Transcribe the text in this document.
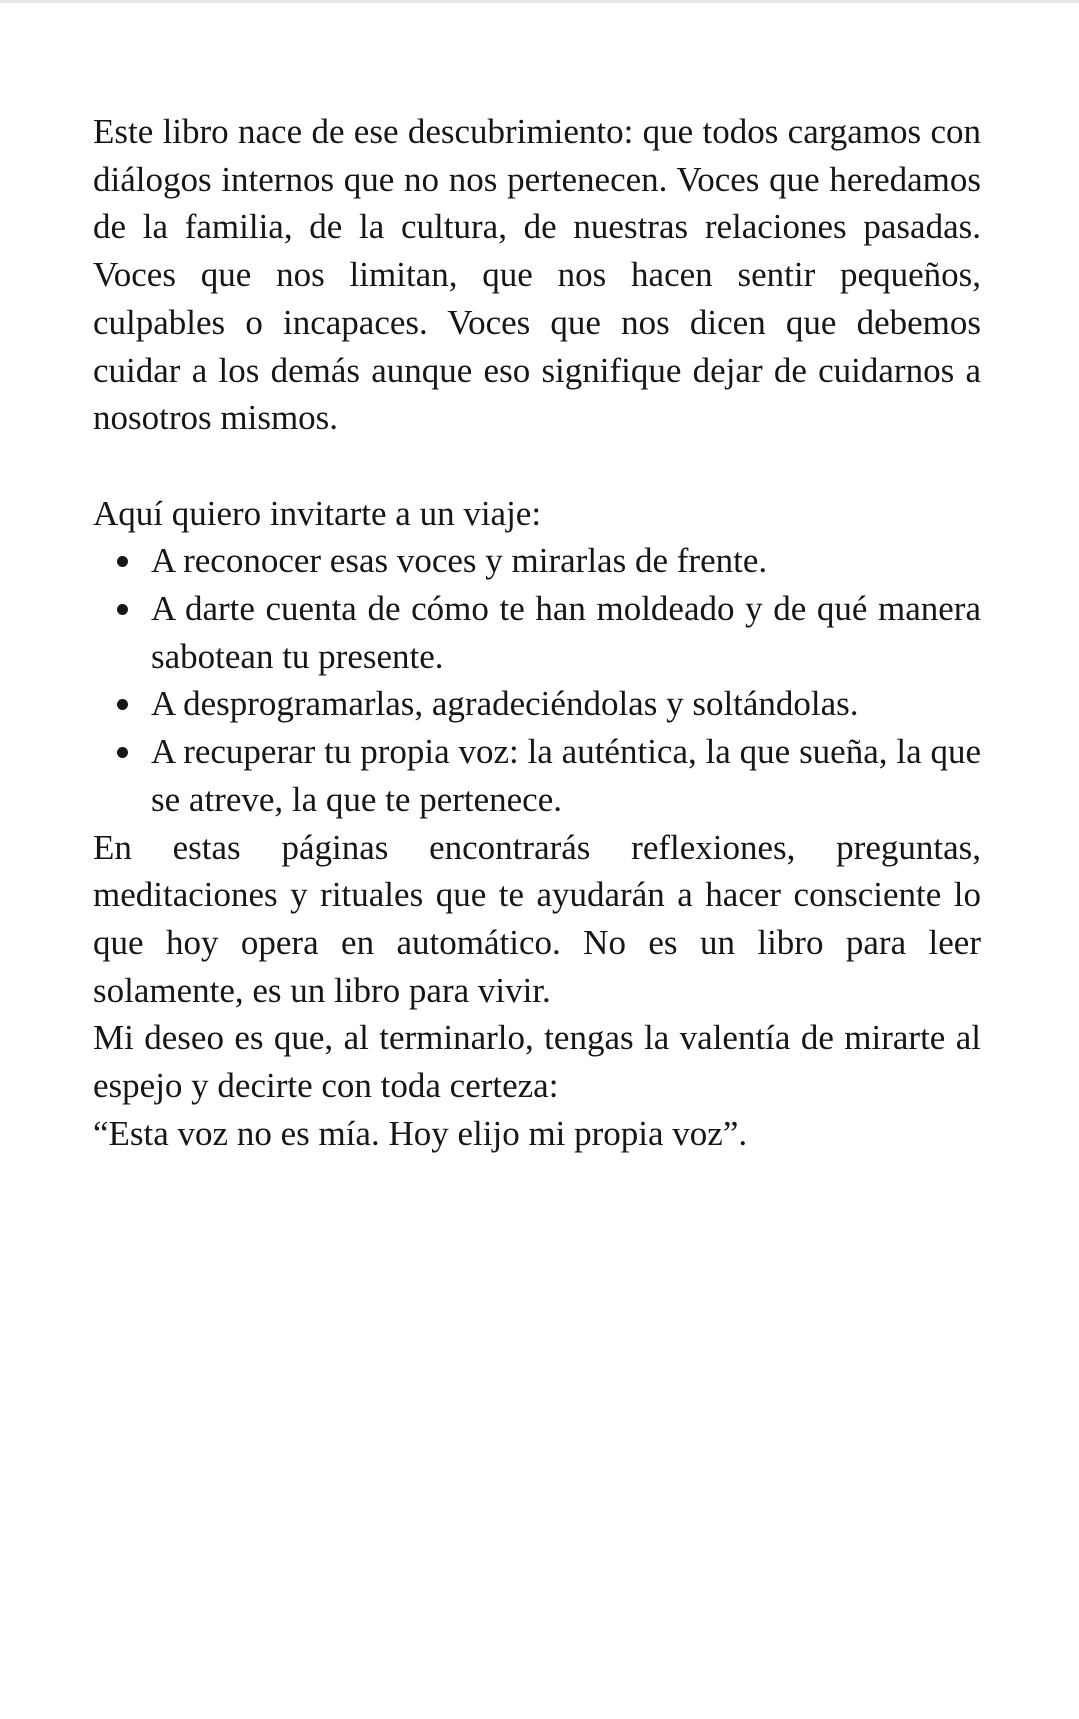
Este libro nace de ese descubrimiento: que todos cargamos con diálogos internos que no nos pertenecen. Voces que heredamos de la familia, de la cultura, de nuestras relaciones pasadas. Voces que nos limitan, que nos hacen sentir pequeños, culpables o incapaces. Voces que nos dicen que debemos cuidar a los demás aunque eso signifique dejar de cuidarnos a nosotros mismos.

Aquí quiero invitarte a un viaje:

A reconocer esas voces y mirarlas de frente.
A darte cuenta de cómo te han moldeado y de qué manera sabotean tu presente.
A desprogramarlas, agradeciéndolas y soltándolas.
A recuperar tu propia voz: la auténtica, la que sueña, la que se atreve, la que te pertenece.

En estas páginas encontrarás reflexiones, preguntas, meditaciones y rituales que te ayudarán a hacer consciente lo que hoy opera en automático. No es un libro para leer solamente, es un libro para vivir.

Mi deseo es que, al terminarlo, tengas la valentía de mirarte al espejo y decirte con toda certeza:

“Esta voz no es mía. Hoy elijo mi propia voz”.
